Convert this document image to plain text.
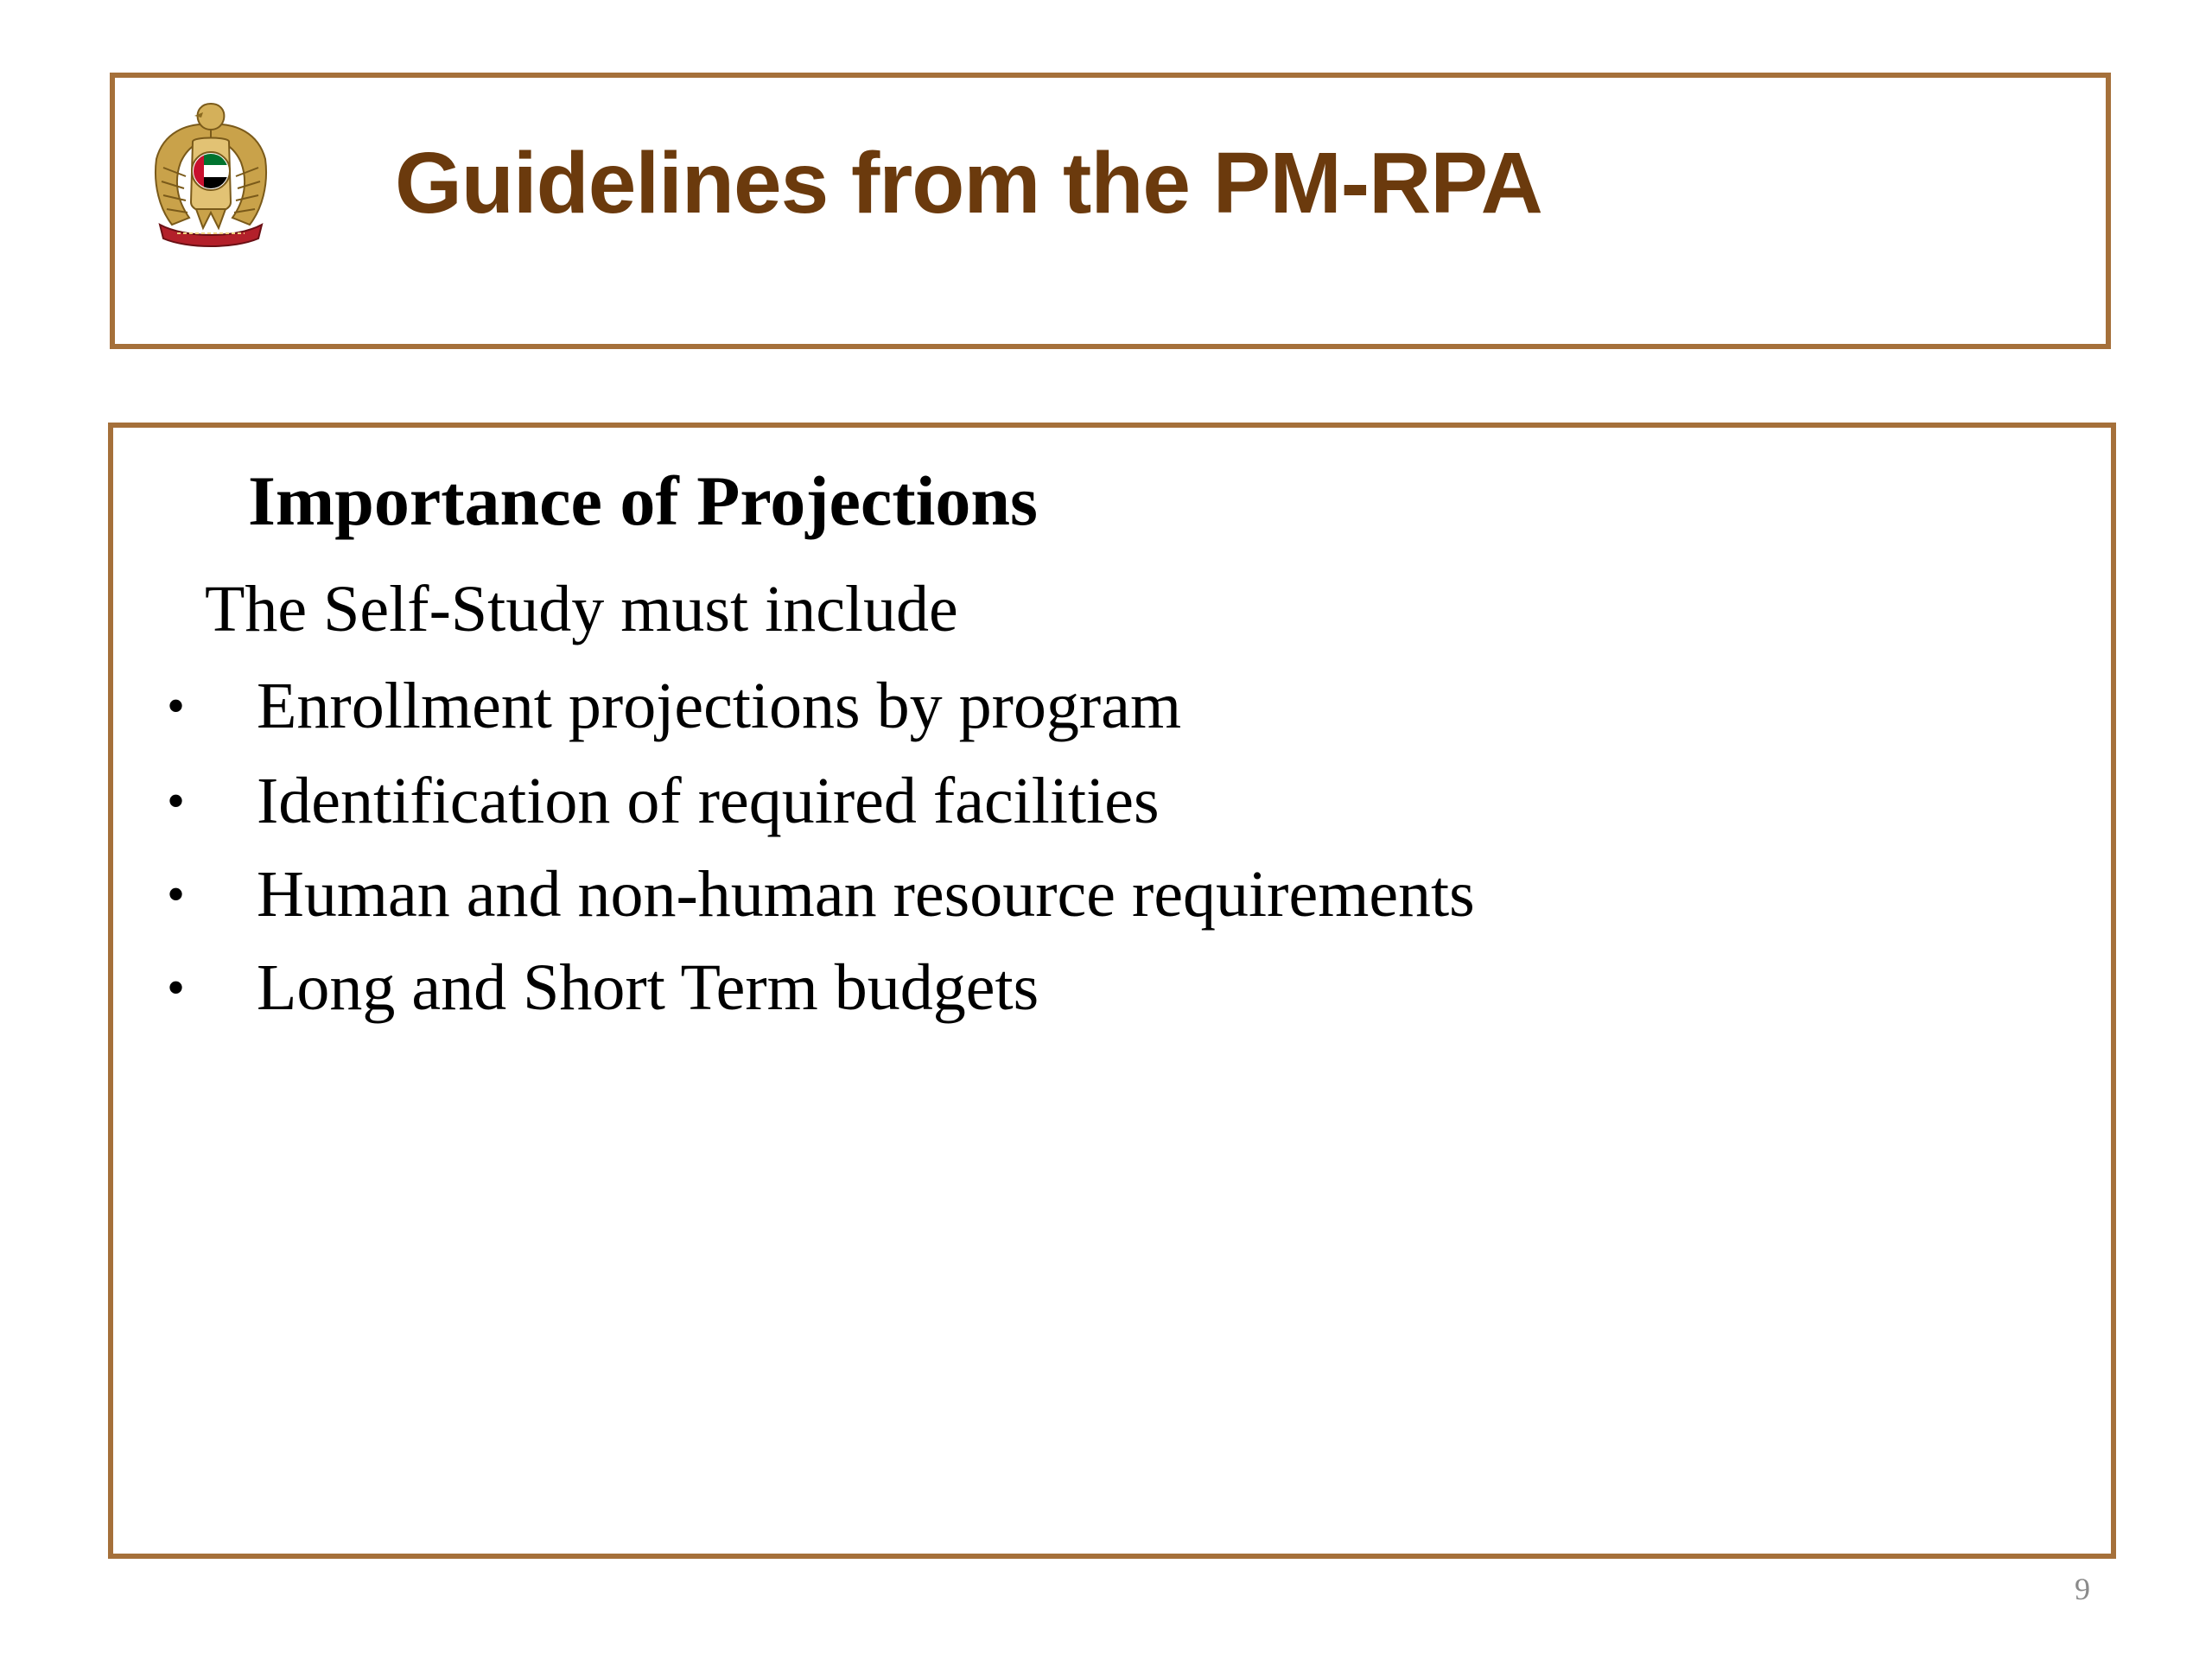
Guidelines from the PM-RPA
Importance of Projections

The Self-Study must include

• Enrollment projections by program
• Identification of required facilities
• Human and non-human resource requirements
• Long and Short Term budgets
9
